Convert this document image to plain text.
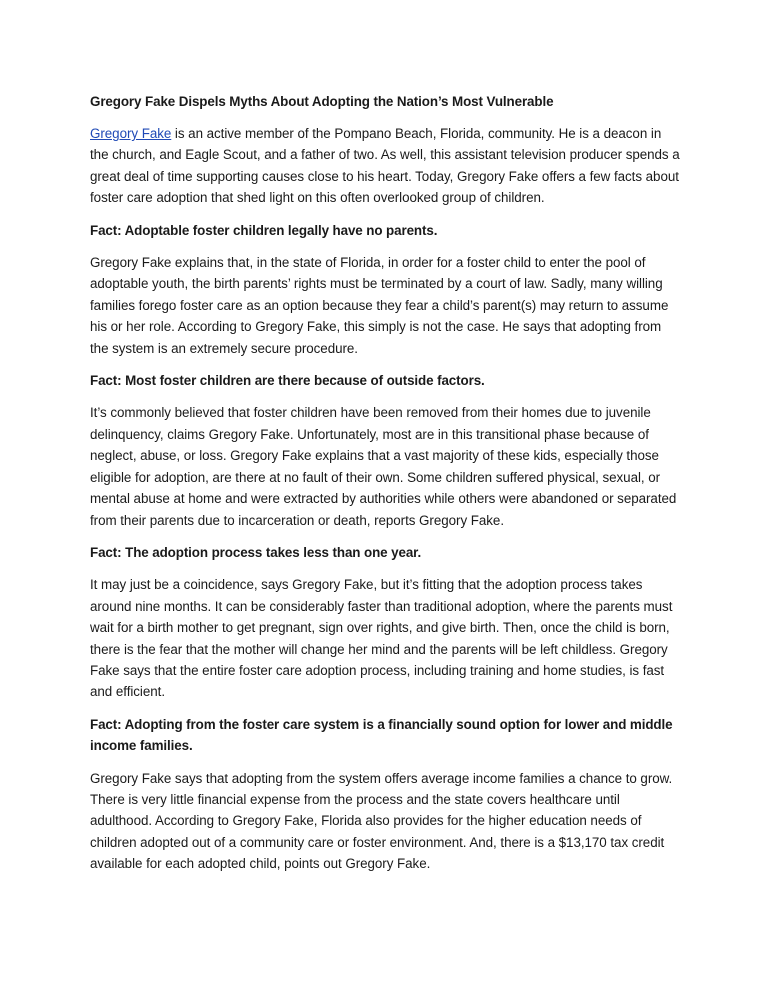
Gregory Fake Dispels Myths About Adopting the Nation’s Most Vulnerable

Gregory Fake is an active member of the Pompano Beach, Florida, community. He is a deacon in the church, and Eagle Scout, and a father of two. As well, this assistant television producer spends a great deal of time supporting causes close to his heart. Today, Gregory Fake offers a few facts about foster care adoption that shed light on this often overlooked group of children.

Fact: Adoptable foster children legally have no parents.

Gregory Fake explains that, in the state of Florida, in order for a foster child to enter the pool of adoptable youth, the birth parents’ rights must be terminated by a court of law. Sadly, many willing families forego foster care as an option because they fear a child’s parent(s) may return to assume his or her role. According to Gregory Fake, this simply is not the case. He says that adopting from the system is an extremely secure procedure.

Fact: Most foster children are there because of outside factors.

It’s commonly believed that foster children have been removed from their homes due to juvenile delinquency, claims Gregory Fake. Unfortunately, most are in this transitional phase because of neglect, abuse, or loss. Gregory Fake explains that a vast majority of these kids, especially those eligible for adoption, are there at no fault of their own. Some children suffered physical, sexual, or mental abuse at home and were extracted by authorities while others were abandoned or separated from their parents due to incarceration or death, reports Gregory Fake.

Fact: The adoption process takes less than one year.

It may just be a coincidence, says Gregory Fake, but it’s fitting that the adoption process takes around nine months. It can be considerably faster than traditional adoption, where the parents must wait for a birth mother to get pregnant, sign over rights, and give birth. Then, once the child is born, there is the fear that the mother will change her mind and the parents will be left childless. Gregory Fake says that the entire foster care adoption process, including training and home studies, is fast and efficient.

Fact: Adopting from the foster care system is a financially sound option for lower and middle income families.

Gregory Fake says that adopting from the system offers average income families a chance to grow. There is very little financial expense from the process and the state covers healthcare until adulthood. According to Gregory Fake, Florida also provides for the higher education needs of children adopted out of a community care or foster environment. And, there is a $13,170 tax credit available for each adopted child, points out Gregory Fake.
